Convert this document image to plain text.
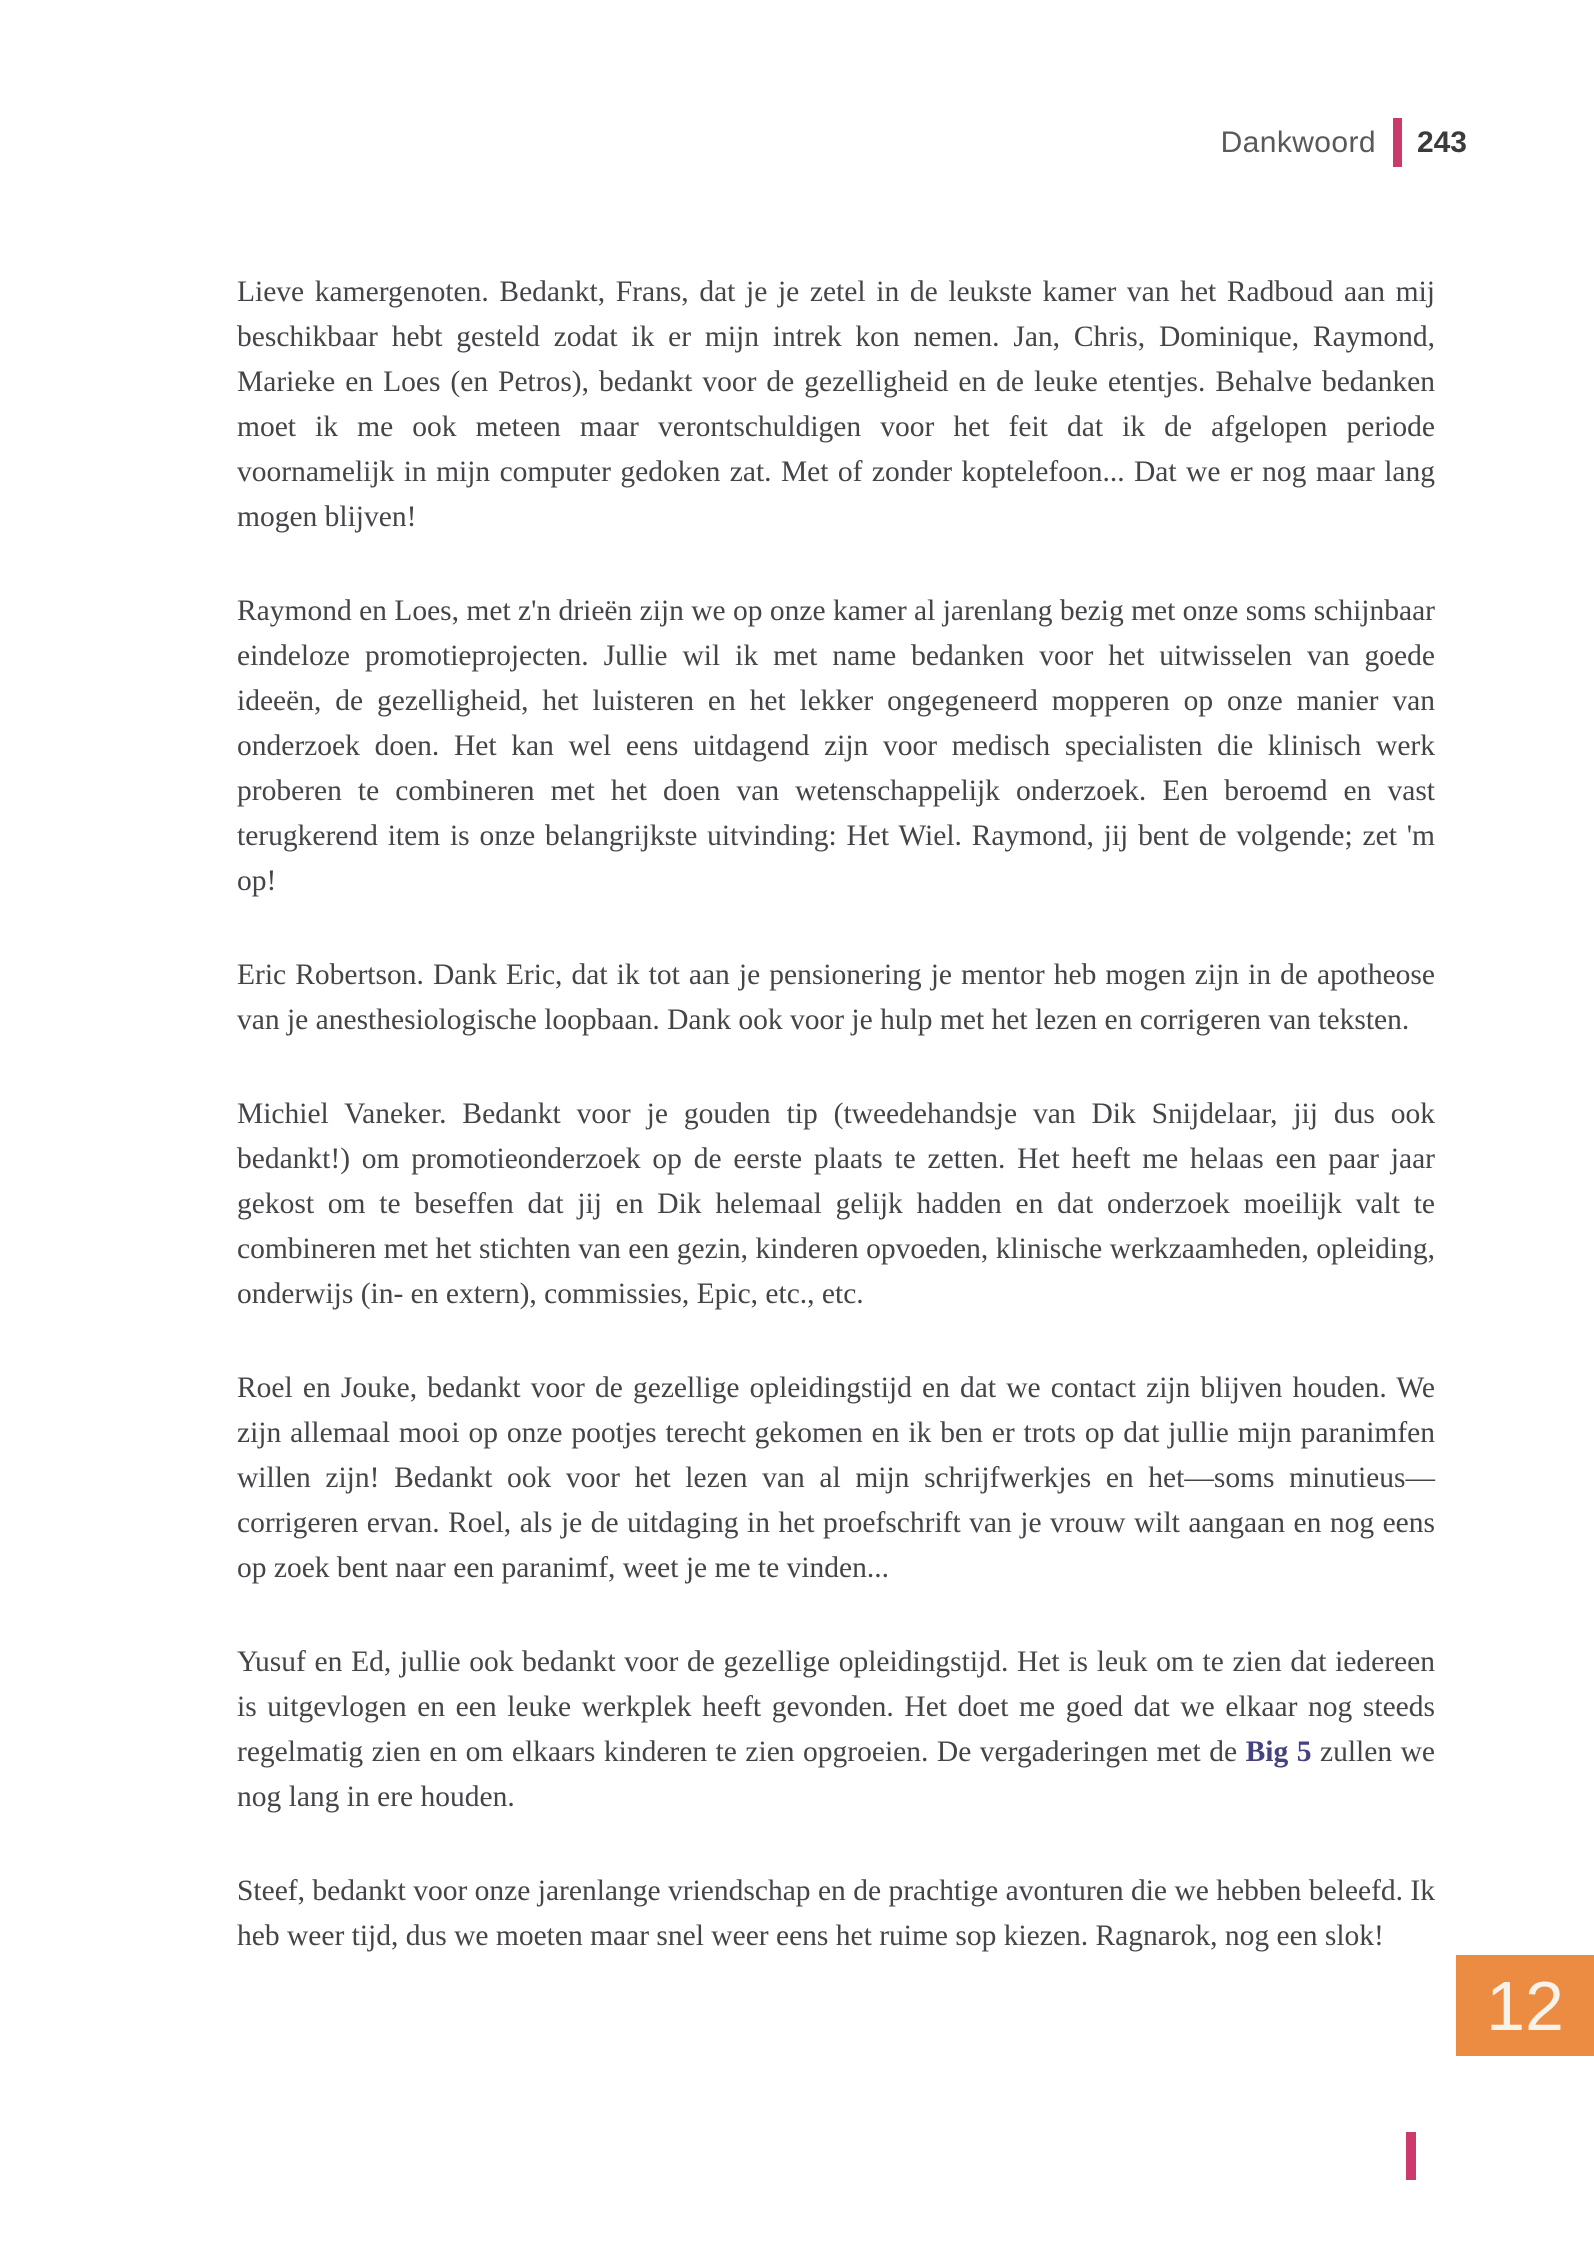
Dankwoord 243

Lieve kamergenoten. Bedankt, Frans, dat je je zetel in de leukste kamer van het Radboud aan mij beschikbaar hebt gesteld zodat ik er mijn intrek kon nemen. Jan, Chris, Dominique, Raymond, Marieke en Loes (en Petros), bedankt voor de gezelligheid en de leuke etentjes. Behalve bedanken moet ik me ook meteen maar verontschuldigen voor het feit dat ik de afgelopen periode voornamelijk in mijn computer gedoken zat. Met of zonder koptelefoon... Dat we er nog maar lang mogen blijven!

Raymond en Loes, met z'n drieën zijn we op onze kamer al jarenlang bezig met onze soms schijnbaar eindeloze promotieprojecten. Jullie wil ik met name bedanken voor het uitwisselen van goede ideeën, de gezelligheid, het luisteren en het lekker ongegeneerd mopperen op onze manier van onderzoek doen. Het kan wel eens uitdagend zijn voor medisch specialisten die klinisch werk proberen te combineren met het doen van wetenschappelijk onderzoek. Een beroemd en vast terugkerend item is onze belangrijkste uitvinding: Het Wiel. Raymond, jij bent de volgende; zet 'm op!

Eric Robertson. Dank Eric, dat ik tot aan je pensionering je mentor heb mogen zijn in de apotheose van je anesthesiologische loopbaan. Dank ook voor je hulp met het lezen en corrigeren van teksten.

Michiel Vaneker. Bedankt voor je gouden tip (tweedehandsje van Dik Snijdelaar, jij dus ook bedankt!) om promotieonderzoek op de eerste plaats te zetten. Het heeft me helaas een paar jaar gekost om te beseffen dat jij en Dik helemaal gelijk hadden en dat onderzoek moeilijk valt te combineren met het stichten van een gezin, kinderen opvoeden, klinische werkzaamheden, opleiding, onderwijs (in- en extern), commissies, Epic, etc., etc.

Roel en Jouke, bedankt voor de gezellige opleidingstijd en dat we contact zijn blijven houden. We zijn allemaal mooi op onze pootjes terecht gekomen en ik ben er trots op dat jullie mijn paranimfen willen zijn! Bedankt ook voor het lezen van al mijn schrijfwerkjes en het—soms minutieus—corrigeren ervan. Roel, als je de uitdaging in het proefschrift van je vrouw wilt aangaan en nog eens op zoek bent naar een paranimf, weet je me te vinden...

Yusuf en Ed, jullie ook bedankt voor de gezellige opleidingstijd. Het is leuk om te zien dat iedereen is uitgevlogen en een leuke werkplek heeft gevonden. Het doet me goed dat we elkaar nog steeds regelmatig zien en om elkaars kinderen te zien opgroeien. De vergaderingen met de Big 5 zullen we nog lang in ere houden.

Steef, bedankt voor onze jarenlange vriendschap en de prachtige avonturen die we hebben beleefd. Ik heb weer tijd, dus we moeten maar snel weer eens het ruime sop kiezen. Ragnarok, nog een slok!

12
